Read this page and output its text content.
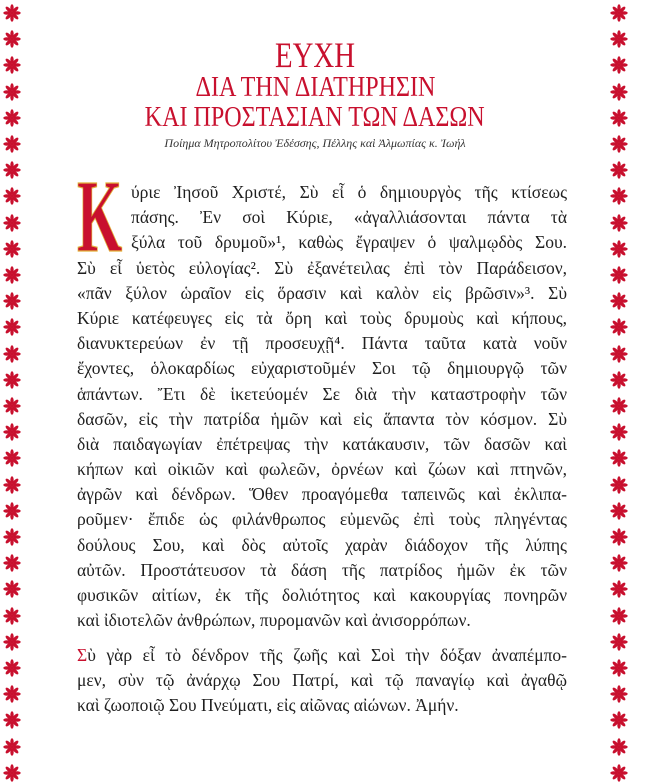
ΕΥΧΗ
ΔΙΑ ΤΗΝ ΔΙΑΤΗΡΗΣΙΝ
ΚΑΙ ΠΡΟΣΤΑΣΙΑΝ ΤΩΝ ΔΑΣΩΝ
Ποίημα Μητροπολίτου Ἐδέσσης, Πέλλης καὶ Ἀλμωπίας κ. Ἰωήλ
Κ ύριε Ἰησοῦ Χριστέ, Σὺ εἶ ὁ δημιουργὸς τῆς κτίσεως
πάσης. Ἐν σοὶ Κύριε, «ἀγαλλιάσονται πάντα τὰ
ξύλα τοῦ δρυμοῦ»¹, καθὼς ἔγραψεν ὁ ψαλμῳδὸς Σου.
Σὺ εἶ ὑετὸς εὐλογίας². Σὺ ἐξανέτειλας ἐπὶ τὸν Παράδεισον,
«πᾶν ξύλον ὡραῖον εἰς ὅρασιν καὶ καλὸν εἰς βρῶσιν»³. Σὺ
Κύριε κατέφευγες εἰς τὰ ὄρη καὶ τοὺς δρυμοὺς καὶ κήπους,
διανυκτερεύων ἐν τῇ προσευχῇ⁴. Πάντα ταῦτα κατὰ νοῦν
ἔχοντες, ὁλοκαρδίως εὐχαριστοῦμέν Σοι τῷ δημιουργῷ τῶν
ἁπάντων. Ἔτι δὲ ἱκετεύομέν Σε διὰ τὴν καταστροφὴν τῶν
δασῶν, εἰς τὴν πατρίδα ἡμῶν καὶ εἰς ἅπαντα τὸν κόσμον. Σὺ
διὰ παιδαγωγίαν ἐπέτρεψας τὴν κατάκαυσιν, τῶν δασῶν καὶ
κήπων καὶ οἰκιῶν καὶ φωλεῶν, ὀρνέων καὶ ζώων καὶ πτηνῶν,
ἀγρῶν καὶ δένδρων. Ὅθεν προαγόμεθα ταπεινῶς καὶ ἐκλιπα-
ροῦμεν· ἔπιδε ὡς φιλάνθρωπος εὐμενῶς ἐπὶ τοὺς πληγέντας
δούλους Σου, καὶ δὸς αὐτοῖς χαρὰν διάδοχον τῆς λύπης
αὐτῶν. Προστάτευσον τὰ δάση τῆς πατρίδος ἡμῶν ἐκ τῶν
φυσικῶν αἰτίων, ἐκ τῆς δολιότητος καὶ κακουργίας πονηρῶν
καὶ ἰδιοτελῶν ἀνθρώπων, πυρομανῶν καὶ ἀνισορρόπων.
Σὺ γὰρ εἶ τὸ δένδρον τῆς ζωῆς καὶ Σοὶ τὴν δόξαν ἀναπέμπο-
μεν, σὺν τῷ ἀνάρχῳ Σου Πατρί, καὶ τῷ παναγίῳ καὶ ἀγαθῷ
καὶ ζωοποιῷ Σου Πνεύματι, εἰς αἰῶνας αἰώνων. Ἀμήν.
